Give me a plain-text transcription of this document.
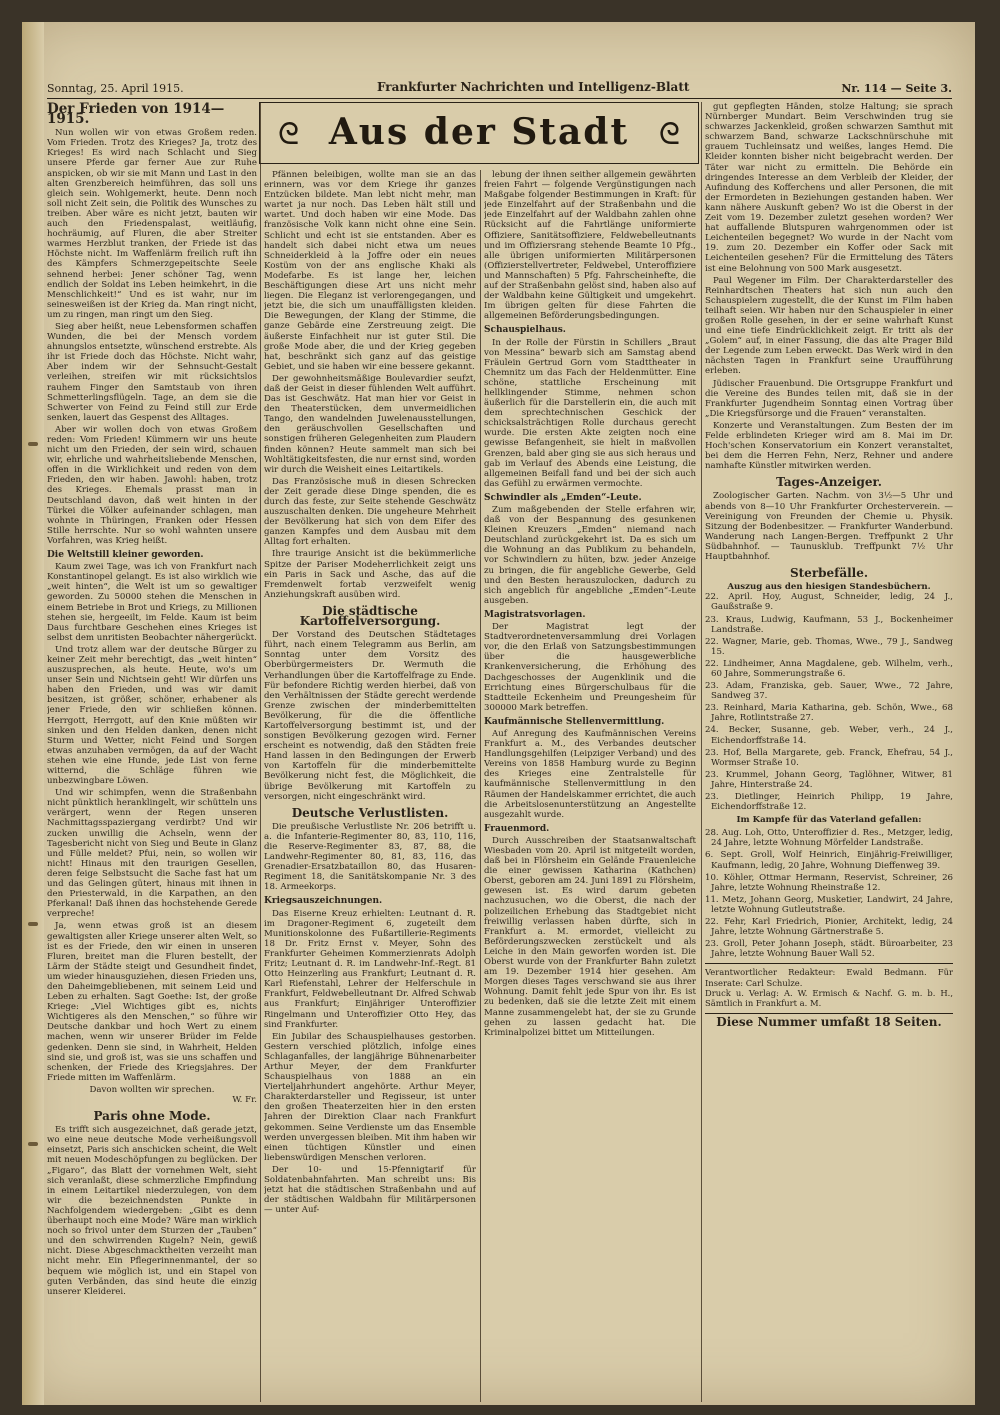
Sonntag, 25. April 1915.	Frankfurter Nachrichten und Intelligenz-Blatt	Nr. 114 — Seite 3.
Der Frieden von 1914—1915.

Nun wollen wir von etwas Großem reden. Vom Frieden. Trotz des Krieges? Ja, trotz des Krieges! Es wird nach Schlacht und Sieg unsere Pferde gar ferner Aue zur Ruhe anspicken, ob wir sie mit Mann und Last in den alten Grenzbereich heimführen, das soll uns gleich sein. Wohlgemerkt, heute. Denn noch soll nicht Zeit sein, die Politik des Wunsches zu treiben. Aber wäre es nicht jetzt, bauten wir auch den Friedenspalast, weitläufig, hochräumig, auf Fluren, die aber Streiter warmes Herzblut tranken, der Friede ist das Höchste nicht. Im Waffenlärm freilich ruft ihn des Kämpfers Schmerzgepeitschte Seele sehnend herbei: Jener schöner Tag, wenn endlich der Soldat ins Leben heimkehrt, in die Menschlichkeit!“ Und es ist wahr, nur im seinesweißen ist der Krieg da. Man ringt nicht, um zu ringen, man ringt um den Sieg.

Sieg aber heißt, neue Lebensformen schaffen Wunden, die bei der Mensch vordem ahnungslos entsetzte, wünschend erstrebte. Als ihr ist Friede doch das Höchste. Nicht wahr, Aber indem wir der Sehnsucht-Gestalt verleihen, streifen wir mit rücksichtslos rauhem Finger den Samtstaub von ihren Schmetterlingsflügeln. Tage, an dem sie die Schwerter von Feind zu Feind still zur Erde senken, lauert das Gespenst des Alltages.

Aber wir wollen doch von etwas Großem reden: Vom Frieden! Kümmern wir uns heute nicht um den Frieden, der sein wird, schauen wir, ehrliche und wahrheitsliebende Menschen, offen in die Wirklichkeit und reden von dem Frieden, den wir haben. Jawohl: haben, trotz des Krieges. Ehemals prasst man in Deutschland davon, daß weit hinten in der Türkei die Völker aufeinander schlagen, man wohnte in Thüringen, Franken oder Hessen Stille herrschte. Nur so wohl wahnten unsere Vorfahren, was Krieg heißt.

Die Weltstill kleiner geworden.

Kaum zwei Tage, was ich von Frankfurt nach Konstantinopel gelangt. Es ist also wirklich wie „weit hinten“, die Welt ist um so gewaltiger geworden. Zu 50000 stehen die Menschen in einem Betriebe in Brot und Kriegs, zu Millionen stehen sie, hergeeilt, im Felde. Kaum ist beim Daus furchtbare Geschehen eines Krieges ist selbst dem unritisten Beobachter nähergerückt.

Und trotz allem war der deutsche Bürger zu keiner Zeit mehr berechtigt, das „weit hinten“ auszusprechen, als heute. Heute, wo's um unser Sein und Nichtsein geht! Wir dürfen uns haben den Frieden, und was wir damit besitzen, ist größer, schöner, erhabener als jener Friede, den wir schließen können. Herrgott, Herrgott, auf den Knie müßten wir sinken und den Helden danken, denen nicht Sturm und Wetter, nicht Feind und Sorgen etwas anzuhaben vermögen, da auf der Wacht stehen wie eine Hunde, jede List von ferne witternd, die Schläge führen wie unbezwingbare Löwen.

Und wir schimpfen, wenn die Straßenbahn nicht pünktlich heranklingelt, wir schütteln uns verärgert, wenn der Regen unseren Nachmittagsspaziergang verdirbt? Und wir zucken unwillig die Achseln, wenn der Tagesbericht nicht von Sieg und Beute in Glanz und Fülle meldet? Pfui, nein, so wollen wir nicht! Hinaus mit den traurigen Gesellen, deren feige Selbstsucht die Sache fast hat um und das Gelingen gütert, hinaus mit ihnen in den Priesterwald, in die Karpathen, an den Pferkanal! Daß ihnen das hochstehende Gerede verpreche!

Ja, wenn etwas groß ist an diesem gewaltigsten aller Kriege unserer alten Welt, so ist es der Friede, den wir einen in unseren Fluren, breitet man die Fluren bestellt, der Lärm der Städte steigt und Gesundheit findet, um wieder hinausguziehen, diesen Frieden uns, den Daheimgebliebenen, mit seinem Leid und Leben zu erhalten. Sagt Goethe: Ist, der große Kriege: „Viel Wichtiges gibt es, nichts Wichtigeres als den Menschen,“ so führe wir Deutsche dankbar und hoch Wert zu einem machen, wenn wir unserer Brüder im Felde gedenken. Denn sie sind, in Wahrheit, Helden sind sie, und groß ist, was sie uns schaffen und schenken, der Friede des Kriegsjahres. Der Friede mitten im Waffenlärm.

Davon wollten wir sprechen.
W. Fr.
Paris ohne Mode.

Es trifft sich ausgezeichnet, daß gerade jetzt, wo eine neue deutsche Mode verheißungsvoll einsetzt, Paris sich anschicken scheint, die Welt mit neuen Modeschöpfungen zu beglücken. Der „Figaro“, das Blatt der vornehmen Welt, sieht sich veranlaßt, diese schmerzliche Empfindung in einem Leitartikel niederzulegen, von dem wir die bezeichnendsten Punkte in Nachfolgendem wiedergeben: „Gibt es denn überhaupt noch eine Mode? Wäre man wirklich noch so frivol unter dem Sturzen der „Tauben“ und den schwirrenden Kugeln? Nein, gewiß nicht. Diese Abgeschmacktheiten verzeiht man nicht mehr. Ein Pflegerinnenmantel, der so bequem wie möglich ist, und ein Stapel von guten Verbänden, das sind heute die einzig unserer Kleiderei.

ᘓ Aus der Stadt ᘓ

Pfännen beleibigen, wollte man sie an das erinnern, was vor dem Kriege ihr ganzes Entzücken bildete. Man lebt nicht mehr, man wartet ja nur noch. Das Leben hält still und wartet. Und doch haben wir eine Mode. Das französische Volk kann nicht ohne eine Sein. Schlicht und echt ist sie entstanden. Aber es handelt sich dabei nicht etwa um neues Schneiderkleid à la Joffre oder ein neues Kostüm von der ans englische Khaki als Modefarbe. Es ist lange her, leichen Beschäftigungen diese Art uns nicht mehr liegen. Die Eleganz ist verlorengegangen, und jetzt bie, die sich um unauffälligsten kleiden. Die Bewegungen, der Klang der Stimme, die ganze Gebärde eine Zerstreuung zeigt. Die äußerste Einfachheit nur ist guter Stil. Die große Mode aber, die und der Krieg gegeben hat, beschränkt sich ganz auf das geistige Gebiet, und sie haben wir eine bessere gekannt.

Der gewohnheitsmäßige Boulevardier seufzt, daß der Geist in dieser fühlenden Welt aufführt. Das ist Geschwätz. Hat man hier vor Geist in den Theaterstücken, dem unvermeidlichen Tango, den wandelnden Juwelenausstellungen, den geräuschvollen Gesellschaften und sonstigen früheren Gelegenheiten zum Plaudern finden können? Heute sammelt man sich bei Wohltätigkeitsfesten, die nur ernst sind, worden wir durch die Weisheit eines Leitartikels.

Das Französische muß in diesen Schrecken der Zeit gerade diese Dinge spenden, die es durch das feste, zur Seite stehende Geschwätz auszuschalten denken. Die ungeheure Mehrheit der Bevölkerung hat sich von dem Eifer des ganzen Kampfes und dem Ausbau mit dem Alltag fort erhalten.

Ihre traurige Ansicht ist die bekümmerliche Spitze der Pariser Modeherrlichkeit zeigt uns ein Paris in Sack und Asche, das auf die Fremdenwelt fortab verzweifelt wenig Anziehungskraft ausüben wird.

Die städtische Kartoffelversorgung.

Der Vorstand des Deutschen Städtetages führt, nach einem Telegramm aus Berlin, am Sonntag unter dem Vorsitz des Oberbürgermeisters Dr. Wermuth die Verhandlungen über die Kartoffelfrage zu Ende. Für befondere Richtig werden hierbei, daß von den Verhältnissen der Städte gerecht werdende Grenze zwischen der minderbemittelten Bevölkerung, für die die öffentliche Kartoffelversorgung bestimmt ist, und der sonstigen Bevölkerung gezogen wird. Ferner erscheint es notwendig, daß den Städten freie Hand lassen in den Bedingungen der Erwerb von Kartoffeln für die minderbemittelte Bevölkerung nicht fest, die Möglichkeit, die übrige Bevölkerung mit Kartoffeln zu versorgen, nicht eingeschränkt wird.

Deutsche Verlustlisten.

Die preußische Verlustliste Nr. 206 betrifft u. a. die Infanterie-Regimenter 80, 83, 110, 116, die Reserve-Regimenter 83, 87, 88, die Landwehr-Regimenter 80, 81, 83, 116, das Grenadier-Ersatzbataillon 80, das Husaren-Regiment 18, die Sanitätskompanie Nr. 3 des 18. Armeekorps.

Kriegsauszeichnungen.

Das Eiserne Kreuz erhielten: Leutnant d. R. im Dragoner-Regiment 6, zugeteilt dem Munitionskolonne des Fußartillerie-Regiments 18 Dr. Fritz Ernst v. Meyer, Sohn des Frankfurter Geheimen Kommerzienrats Adolph Fritz; Leutnant d. R. im Landwehr-Inf.-Regt. 81 Otto Heinzerling aus Frankfurt; Leutnant d. R. Karl Riefenstahl, Lehrer der Helferschule in Frankfurt, Feldwebelleutnant Dr. Alfred Schwab aus Frankfurt; Einjähriger Unteroffizier Ringelmann und Unteroffizier Otto Hey, das sind Frankfurter.

Ein Jubilar des Schauspielhauses gestorben. Gestern verschied plötzlich, infolge eines Schlaganfalles, der langjährige Bühnenarbeiter Arthur Meyer, der dem Frankfurter Schauspielhaus von 1888 an ein Vierteljahrhundert angehörte. Arthur Meyer, Charakterdarsteller und Regisseur, ist unter den großen Theaterzeiten hier in den ersten Jahren der Direktion Claar nach Frankfurt gekommen. Seine Verdienste um das Ensemble werden unvergessen bleiben. Mit ihm haben wir einen tüchtigen Künstler und einen liebenswürdigen Menschen verloren.

Der 10- und 15-Pfennigtarif für Soldatenbahnfahrten. Man schreibt uns: Bis jetzt hat die städtischen Straßenbahn und auf der städtischen Waldbahn für Militärpersonen — unter Auf-

lebung der ihnen seither allgemein gewährten freien Fahrt — folgende Vergünstigungen nach Maßgabe folgender Bestimmungen in Kraft: für jede Einzelfahrt auf der Straßenbahn und die jede Einzelfahrt auf der Waldbahn zahlen ohne Rücksicht auf die Fahrtlänge uniformierte Offiziere, Sanitätsoffiziere, Feldwebelleutnants und im Offiziersrang stehende Beamte 10 Pfg., alle übrigen uniformierten Militärpersonen (Offizierstellvertreter, Feldwebel, Unteroffiziere und Mannschaften) 5 Pfg. Fahrscheinhefte, die auf der Straßenbahn gelöst sind, haben also auf der Waldbahn keine Gültigkeit und umgekehrt. Im übrigen gelten für diese Fahrten die allgemeinen Beförderungsbedingungen.

Schauspielhaus.

In der Rolle der Fürstin in Schillers „Braut von Messina“ bewarb sich am Samstag abend Fräulein Gertrud Gorn vom Stadttheater in Chemnitz um das Fach der Heldenmütter. Eine schöne, stattliche Erscheinung mit hellklingender Stimme, nehmen schon äußerlich für die Darstellerin ein, die auch mit dem sprechtechnischen Geschick der schicksalsträchtigen Rolle durchaus gerecht wurde. Die ersten Akte zeigten noch eine gewisse Befangenheit, sie hielt in maßvollen Grenzen, bald aber ging sie aus sich heraus und gab im Verlauf des Abends eine Leistung, die allgemeinen Beifall fand und bei der sich auch das Gefühl zu erwärmen vermochte.

Schwindler als „Emden“-Leute.

Zum maßgebenden der Stelle erfahren wir, daß von der Bespannung des gesunkenen Kleinen Kreuzers „Emden“ niemand nach Deutschland zurückgekehrt ist. Da es sich um die Wohnung an das Publikum zu behandeln, vor Schwindlern zu hüten, bzw. jeder Anzeige zu bringen, die für angebliche Gewerbe, Geld und den Besten herauszulocken, dadurch zu sich angeblich für angebliche „Emden“-Leute ausgeben.

Magistratsvorlagen.

Der Magistrat legt der Stadtverordnetenversammlung drei Vorlagen vor, die den Erlaß von Satzungsbestimmungen über die hausgewerbliche Krankenversicherung, die Erhöhung des Dachgeschosses der Augenklinik und die Errichtung eines Bürgerschulbaus für die Stadtteile Eckenheim und Preungesheim für 300000 Mark betreffen.

Kaufmännische Stellenvermittlung.

Auf Anregung des Kaufmännischen Vereins Frankfurt a. M., des Verbandes deutscher Handlungsgehilfen (Leipziger Verband) und des Vereins von 1858 Hamburg wurde zu Beginn des Krieges eine Zentralstelle für kaufmännische Stellenvermittlung in den Räumen der Handelskammer errichtet, die auch die Arbeitslosenunterstützung an Angestellte ausgezahlt wurde.

Frauenmord.

Durch Ausschreiben der Staatsanwaltschaft Wiesbaden vom 20. April ist mitgeteilt worden, daß bei in Flörsheim ein Gelände Frauenleiche die einer gewissen Katharina (Kathchen) Oberst, geboren am 24. Juni 1891 zu Flörsheim, gewesen ist. Es wird darum gebeten nachzusuchen, wo die Oberst, die nach der polizeilichen Erhebung das Stadtgebiet nicht freiwillig verlassen haben dürfte, sich in Frankfurt a. M. ermordet, vielleicht zu Beförderungszwecken zerstückelt und als Leiche in den Main geworfen worden ist. Die Oberst wurde von der Frankfurter Bahn zuletzt am 19. Dezember 1914 hier gesehen. Am Morgen dieses Tages verschwand sie aus ihrer Wohnung. Damit fehlt jede Spur von ihr. Es ist zu bedenken, daß sie die letzte Zeit mit einem Manne zusammengelebt hat, der sie zu Grunde gehen zu lassen gedacht hat. Die Kriminalpolizei bittet um Mitteilungen.

gut gepflegten Händen, stolze Haltung; sie sprach Nürnberger Mundart. Beim Verschwinden trug sie schwarzes Jackenkleid, großen schwarzen Samthut mit schwarzem Band, schwarze Lackschnürschuhe mit grauem Tuchleinsatz und weißes, langes Hemd. Die Kleider konnten bisher nicht beigebracht werden. Der Täter war nicht zu ermitteln. Die Behörde ein dringendes Interesse an dem Verbleib der Kleider, der Aufindung des Kofferchens und aller Personen, die mit der Ermordeten in Beziehungen gestanden haben. Wer kann nähere Auskunft geben? Wo ist die Oberst in der Zeit vom 19. Dezember zuletzt gesehen worden? Wer hat auffallende Blutspuren wahrgenommen oder ist Leichenteilen begegnet? Wo wurde in der Nacht vom 19. zum 20. Dezember ein Koffer oder Sack mit Leichenteilen gesehen? Für die Ermittelung des Täters ist eine Belohnung von 500 Mark ausgesetzt.

Paul Wegener im Film. Der Charakterdarsteller des Reinhardtschen Theaters hat sich nun auch den Schauspielern zugestellt, die der Kunst im Film haben teilhaft seien. Wir haben nur den Schauspieler in einer großen Rolle gesehen, in der er seine wahrhaft Kunst und eine tiefe Eindrücklichkeit zeigt. Er tritt als der „Golem“ auf, in einer Fassung, die das alte Prager Bild der Legende zum Leben erweckt. Das Werk wird in den nächsten Tagen in Frankfurt seine Uraufführung erleben.

Jüdischer Frauenbund. Die Ortsgruppe Frankfurt und die Vereine des Bundes teilen mit, daß sie in der Frankfurter Jugendheim Sonntag einen Vortrag über „Die Kriegsfürsorge und die Frauen“ veranstalten.

Konzerte und Veranstaltungen. Zum Besten der im Felde erblindeten Krieger wird am 8. Mai im Dr. Hoch'schen Konservatorium ein Konzert veranstaltet, bei dem die Herren Fehn, Nerz, Rehner und andere namhafte Künstler mitwirken werden.

Tages-Anzeiger.

Zoologischer Garten. Nachm. von 3½—5 Uhr und abends von 8—10 Uhr Frankfurter Orchesterverein. — Vereinigung von Freunden der Chemie u. Physik. Sitzung der Bodenbesitzer. — Frankfurter Wanderbund. Wanderung nach Langen-Bergen. Treffpunkt 2 Uhr Südbahnhof. — Taunusklub. Treffpunkt 7½ Uhr Hauptbahnhof.

Sterbefälle.
Auszug aus den hiesigen Standesbüchern.

22. April. Hoy, August, Schneider, ledig, 24 J., Gaußstraße 9.

23. Kraus, Ludwig, Kaufmann, 53 J., Bockenheimer Landstraße.

22. Wagner, Marie, geb. Thomas, Wwe., 79 J., Sandweg 15.

22. Lindheimer, Anna Magdalene, geb. Wilhelm, verh., 60 Jahre, Sommerungstraße 6.

23. Adam, Franziska, geb. Sauer, Wwe., 72 Jahre, Sandweg 37.

23. Reinhard, Maria Katharina, geb. Schön, Wwe., 68 Jahre, Rotlintstraße 27.

24. Becker, Susanne, geb. Weber, verh., 24 J., Eichendorffstraße 14.

23. Hof, Bella Margarete, geb. Franck, Ehefrau, 54 J., Wormser Straße 10.

23. Krummel, Johann Georg, Taglöhner, Witwer, 81 Jahre, Hinterstraße 24.

23. Dietlinger, Heinrich Philipp, 19 Jahre, Eichendorffstraße 12.

Im Kampfe für das Vaterland gefallen:

28. Aug. Loh, Otto, Unteroffizier d. Res., Metzger, ledig, 24 Jahre, letzte Wohnung Mörfelder Landstraße.

6. Sept. Groll, Wolf Heinrich, Einjährig-Freiwilliger, Kaufmann, ledig, 20 Jahre, Wohnung Dieffenweg 39.

10. Köhler, Ottmar Hermann, Reservist, Schreiner, 26 Jahre, letzte Wohnung Rheinstraße 12.

11. Metz, Johann Georg, Musketier, Landwirt, 24 Jahre, letzte Wohnung Gutleutstraße.

22. Fehr, Karl Friedrich, Pionier, Architekt, ledig, 24 Jahre, letzte Wohnung Gärtnerstraße 5.

23. Groll, Peter Johann Joseph, städt. Büroarbeiter, 23 Jahre, letzte Wohnung Bauer Wall 52.

Verantwortlicher Redakteur: Ewald Bedmann. Für Inserate: Carl Schulze.
Druck u. Verlag: A. W. Ermisch & Nachf. G. m. b. H., Sämtlich in Frankfurt a. M.
Diese Nummer umfaßt 18 Seiten.
